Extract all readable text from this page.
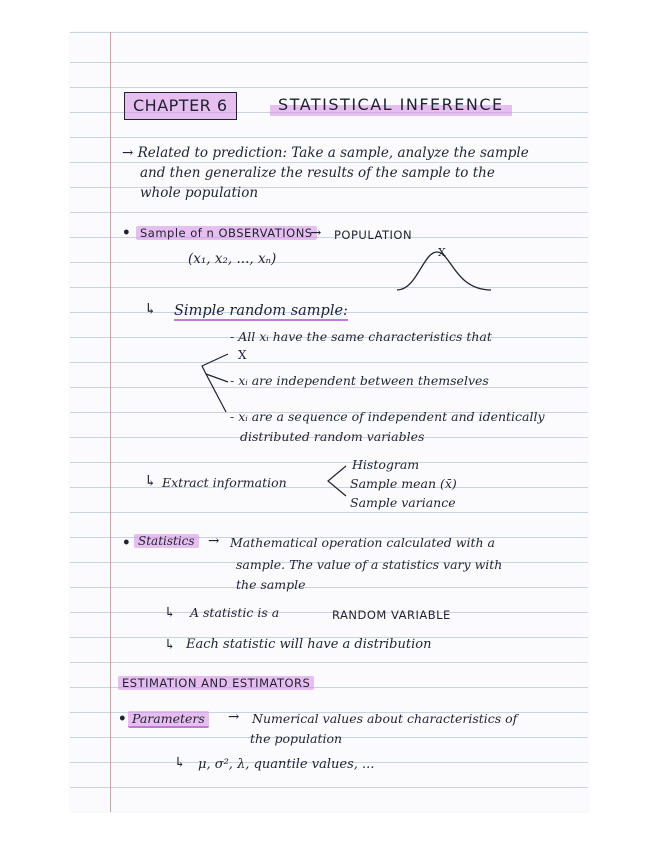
CHAPTER 6	STATISTICAL INFERENCE
→ Related to prediction: Take a sample, analyze the sample
and then generalize the results of the sample to the
whole population
• Sample of n OBSERVATIONS
→ POPULATION
(x₁, x₂, ..., xₙ)	X
↳ Simple random sample:
- All xᵢ have the same characteristics that
X
- xᵢ are independent between themselves
- xᵢ are a sequence of independent and identically
distributed random variables
↳ Extract information
Histogram
Sample mean (x̄)
Sample variance
• Statistics → Mathematical operation calculated with a
sample. The value of a statistics vary with
the sample
↳ A statistic is a	RANDOM VARIABLE
↳ Each statistic will have a distribution
ESTIMATION AND ESTIMATORS
• Parameters → Numerical values about characteristics of
the population
↳ μ, σ², λ, quantile values, ...
